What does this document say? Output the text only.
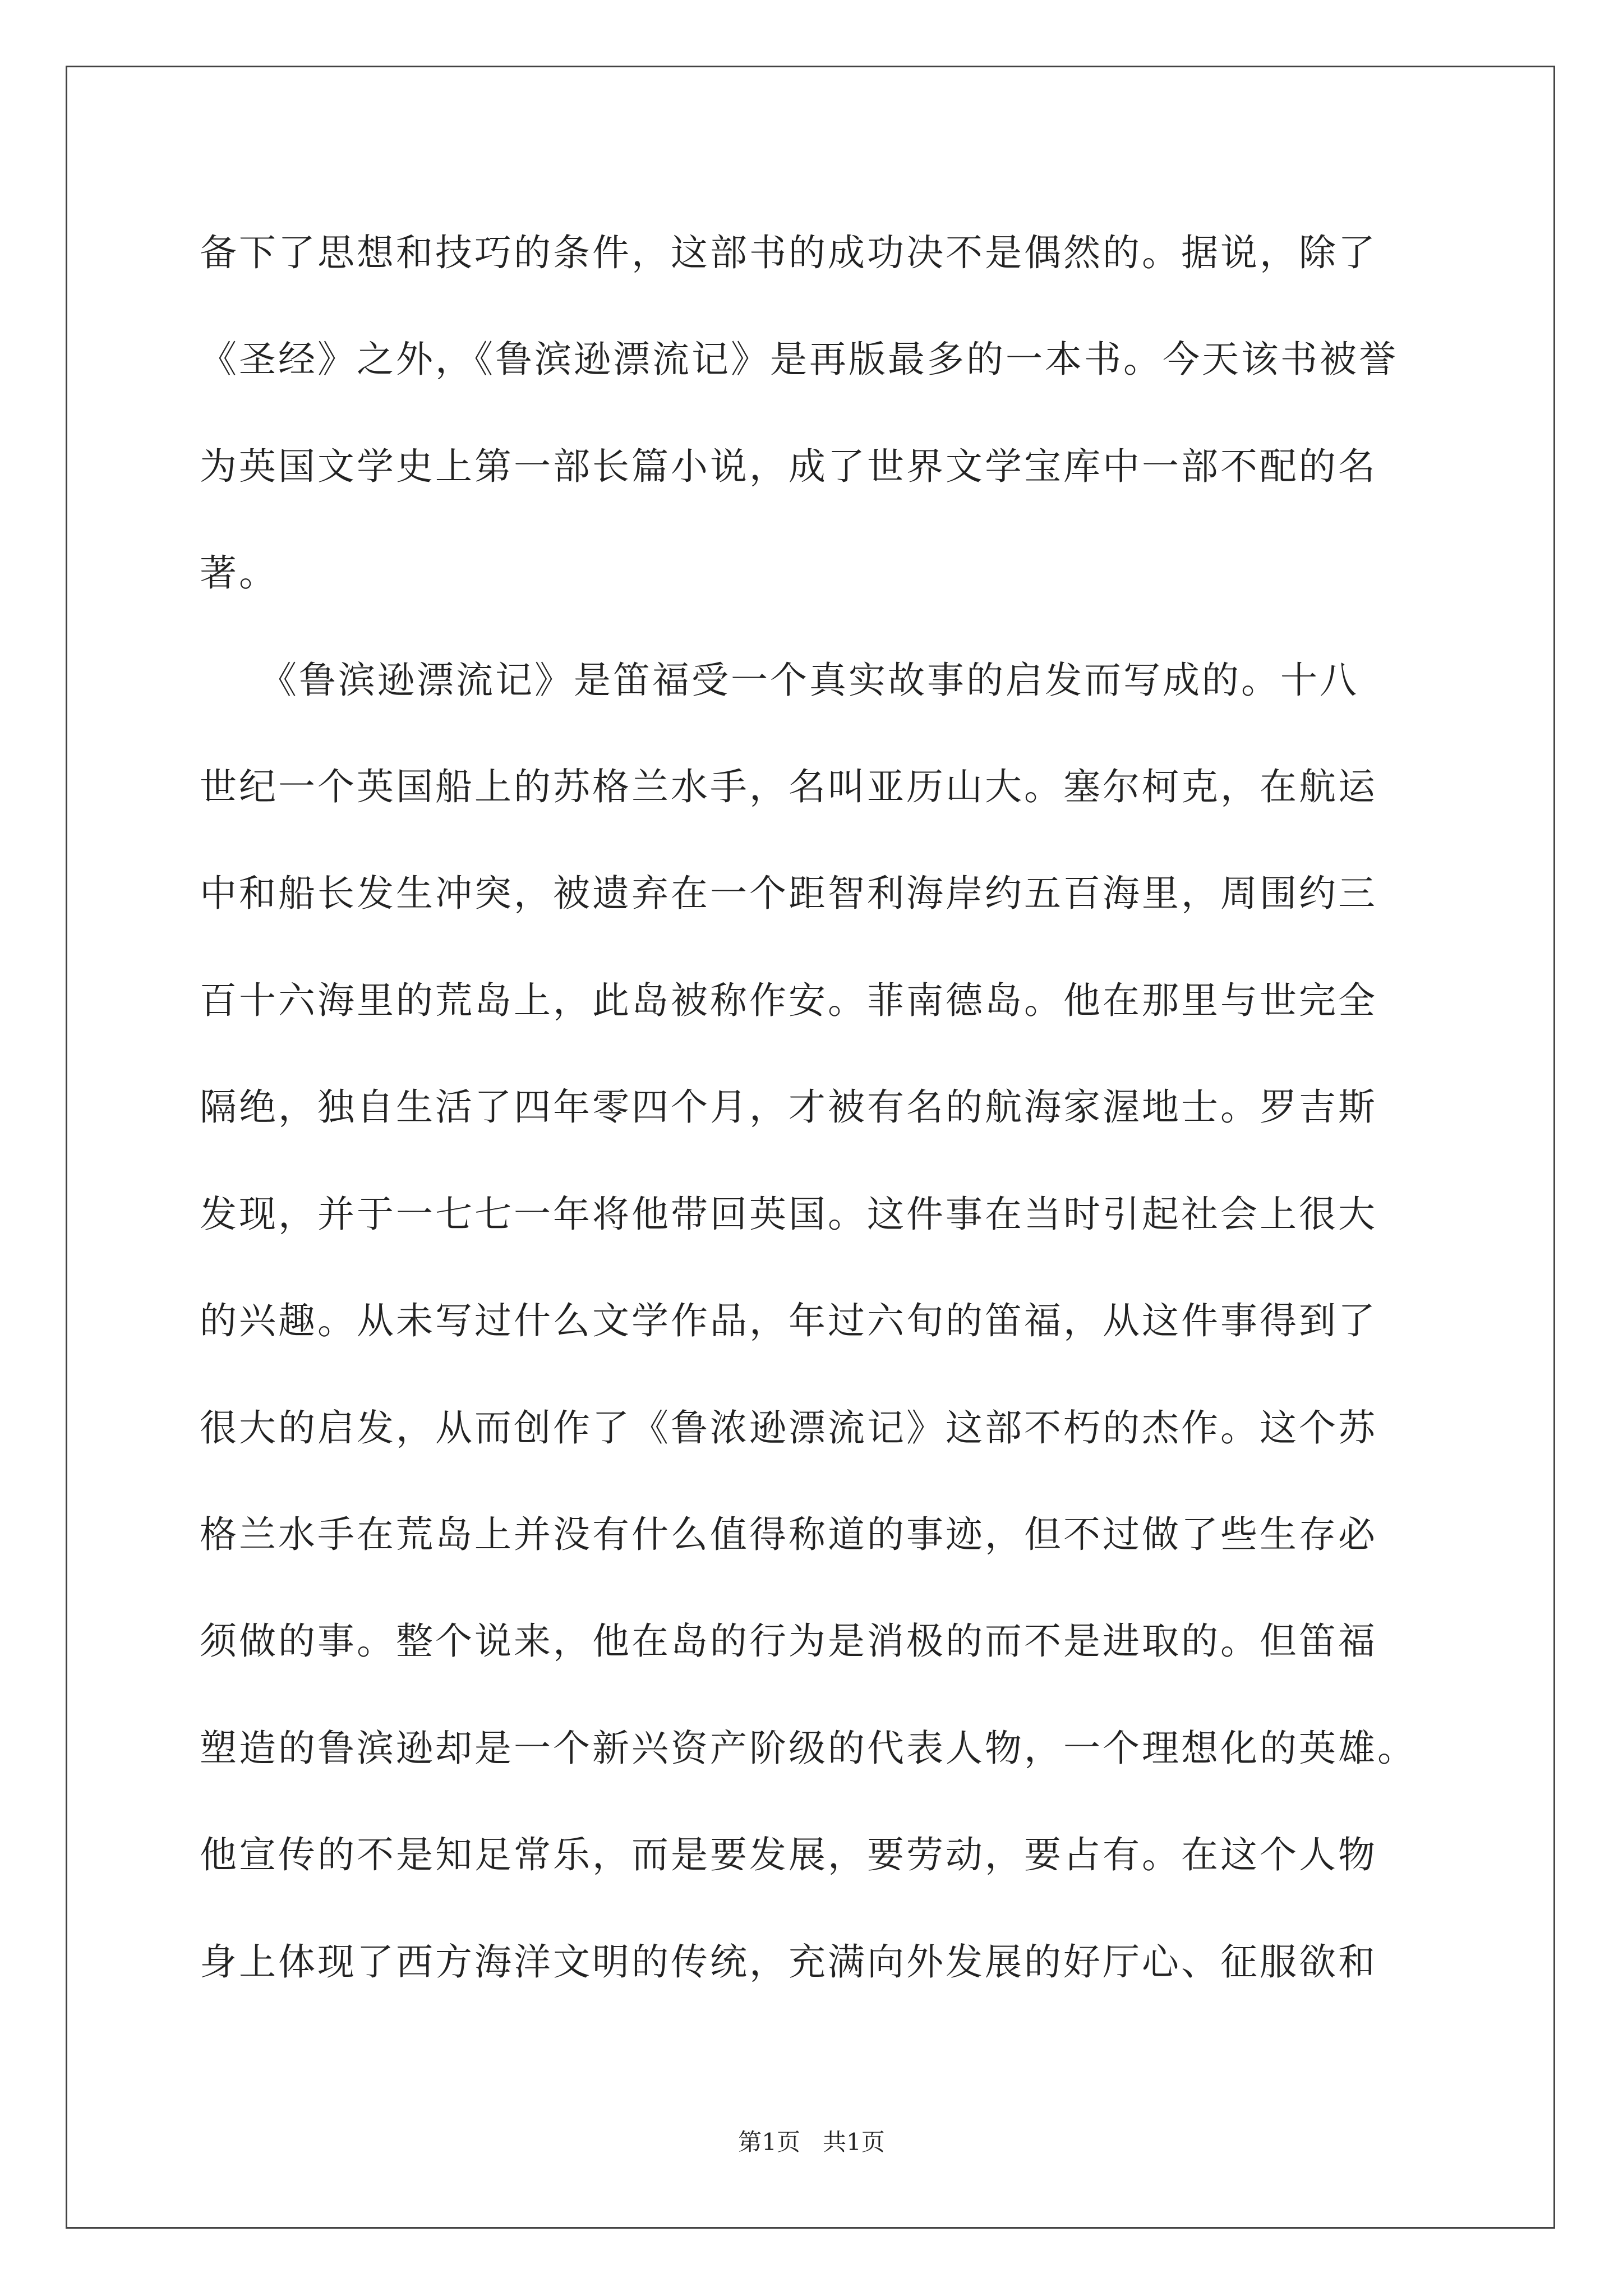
备下了思想和技巧的条件，这部书的成功决不是偶然的。据说，除了
《圣经》之外，《鲁滨逊漂流记》是再版最多的一本书。今天该书被誉
为英国文学史上第一部长篇小说，成了世界文学宝库中一部不配的名
著。
　　《鲁滨逊漂流记》是笛福受一个真实故事的启发而写成的。十八
世纪一个英国船上的苏格兰水手，名叫亚历山大。塞尔柯克，在航运
中和船长发生冲突，被遗弃在一个距智利海岸约五百海里，周围约三
百十六海里的荒岛上，此岛被称作安。菲南德岛。他在那里与世完全
隔绝，独自生活了四年零四个月，才被有名的航海家渥地士。罗吉斯
发现，并于一七七一年将他带回英国。这件事在当时引起社会上很大
的兴趣。从未写过什么文学作品，年过六旬的笛福，从这件事得到了
很大的启发，从而创作了《鲁浓逊漂流记》这部不朽的杰作。这个苏
格兰水手在荒岛上并没有什么值得称道的事迹，但不过做了些生存必
须做的事。整个说来，他在岛的行为是消极的而不是进取的。但笛福
塑造的鲁滨逊却是一个新兴资产阶级的代表人物，一个理想化的英雄。
他宣传的不是知足常乐，而是要发展，要劳动，要占有。在这个人物
身上体现了西方海洋文明的传统，充满向外发展的好厅心、征服欲和
第1页 共1页
